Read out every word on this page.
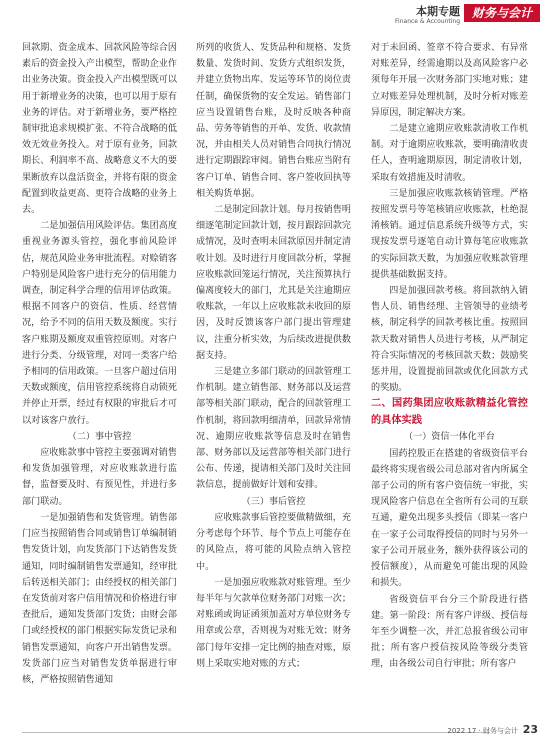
本期专题
Finance & Accounting
财务与会计

回款期、资金成本、回款风险等综合因素后的资金投入产出模型，帮助企业作出业务决策。资金投入产出模型既可以用于新增业务的决策，也可以用于原有业务的评估。对于新增业务，要严格控制审批追求规模扩张、不符合战略的低效无效业务投入。对于原有业务，回款期长、利润率不高、战略意义不大的要果断放弃以盘活资金，并将有限的资金配置到收益更高、更符合战略的业务上去。

二是加强信用风险评估。集团高度重视业务源头管控，强化事前风险评估，规范风险业务审批流程。对赊销客户特别是风险客户进行充分的信用能力调查，制定科学合理的信用评估政策。根据不同客户的资信、性质、经营情况，给予不同的信用天数及额度。实行客户账期及额度双重管控原则。对客户进行分类、分级管理，对同一类客户给予相同的信用政策。一旦客户超过信用天数或额度，信用管控系统将自动锁死并停止开票，经过有权限的审批后才可以对该客户放行。

（二）事中管控

应收账款事中管控主要强调对销售和发货加强管理，对应收账款进行监督，监督要及时、有预见性，并进行多部门联动。

一是加强销售和发货管理。销售部门应当按照销售合同或销售订单编制销售发货计划，向发货部门下达销售发货通知，同时编制销售发票通知，经审批后转送相关部门；由经授权的相关部门在发货前对客户信用情况和价格进行审查批后，通知发货部门发货；由财会部门或经授权的部门根据实际发货记录和销售发票通知，向客户开出销售发票。发货部门应当对销售发货单据进行审核，严格按照销售通知

所列的收货人、发货品种和规格、发货数量、发货时间、发货方式组织发货，并建立货物出库、发运等环节的岗位责任制，确保货物的安全发运。销售部门应当设置销售台账，及时反映各种商品、劳务等销售的开单、发货、收款情况，并由相关人员对销售合同执行情况进行定期跟踪审阅。销售台账应当附有客户订单、销售合同、客户签收回执等相关购货单据。

二是制定回款计划。每月按销售明细逐笔制定回款计划，按月跟踪回款完成情况，及时查明未回款原因并制定清收计划。及时进行月度回款分析，掌握应收账款回笼运行情况，关注预算执行偏离度较大的部门，尤其是关注逾期应收账款，一年以上应收账款未收回的原因，及时反馈该客户部门提出管理建议，注重分析实效，为后续改进提供数据支持。

三是建立多部门联动的回款管理工作机制。建立销售部、财务部以及运营部等相关部门联动，配合的回款管理工作机制，将回款明细清单，回款异常情况、逾期应收账款等信息及时在销售部、财务部以及运营部等相关部门进行公布、传递，提请相关部门及时关注回款信息，提前做好计划和安排。

（三）事后管控

应收账款事后管控要做精做细，充分考虑每个环节、每个节点上可能存在的风险点，将可能的风险点纳入管控中。

一是加强应收账款对账管理。至少每半年与欠款单位财务部门对账一次；对账函或询证函须加盖对方单位财务专用章或公章，否则视为对账无效；财务部门每年安排一定比例的抽查对账，原则上采取实地对账的方式；

对于未回函、签章不符合要求、有异常对账差异，经需逾期以及高风险客户必须每年开展一次财务部门实地对账；建立对账差异处理机制，及时分析对账差异原因，制定解决方案。

二是建立逾期应收账款清收工作机制。对于逾期应收账款，要明确清收责任人，查明逾期原因，制定清收计划，采取有效措施及时清收。

三是加强应收账款核销管理。严格按照发票号等笔核销应收账款，杜绝混淆核销。通过信息系统升级等方式，实现按发票号逐笔自动计算每笔应收账款的实际回款天数，为加强应收账款管理提供基础数据支持。

四是加强回款考核。将回款纳入销售人员、销售经理、主管领导的业绩考核，制定科学的回款考核比重。按照回款天数对销售人员进行考核，从严制定符合实际情况的考核回款天数；鼓励奖惩并用，设置提前回款或优化回款方式的奖励。

二、国药集团应收账款精益化管控的具体实践

（一）资信一体化平台

国药控股正在搭建的省级资信平台最终将实现省级公司总部对省内所属全部子公司的所有客户资信统一审批，实现风险客户信息在全省所有公司的互联互通，避免出现多头授信（即某一客户在一家子公司取得授信的同时与另外一家子公司开展业务，额外获得该公司的授信额度），从而避免可能出现的风险和损失。

省级资信平台分三个阶段进行搭建。第一阶段：所有客户评级、授信每年至少调整一次，并汇总报省级公司审批；所有客户授信按风险等级分类管理，由各级公司自行审批；所有客户

2022 17 · 财务与会计 23
